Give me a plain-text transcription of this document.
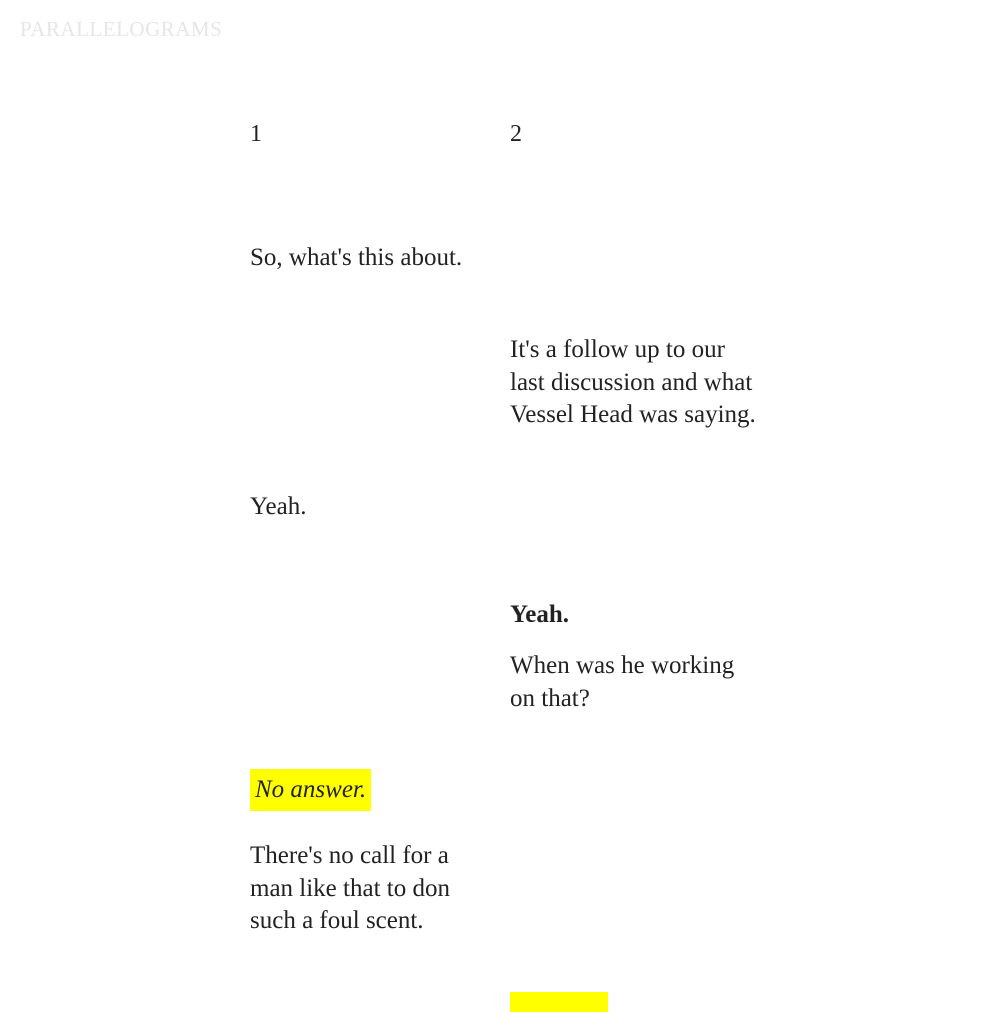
PARALLELOGRAMS
1	2

So, what's this about.

It's a follow up to our last discussion and what Vessel Head was saying.

Yeah.

Yeah.

When was he working on that?

No answer.

There's no call for a man like that to don such a foul scent.
